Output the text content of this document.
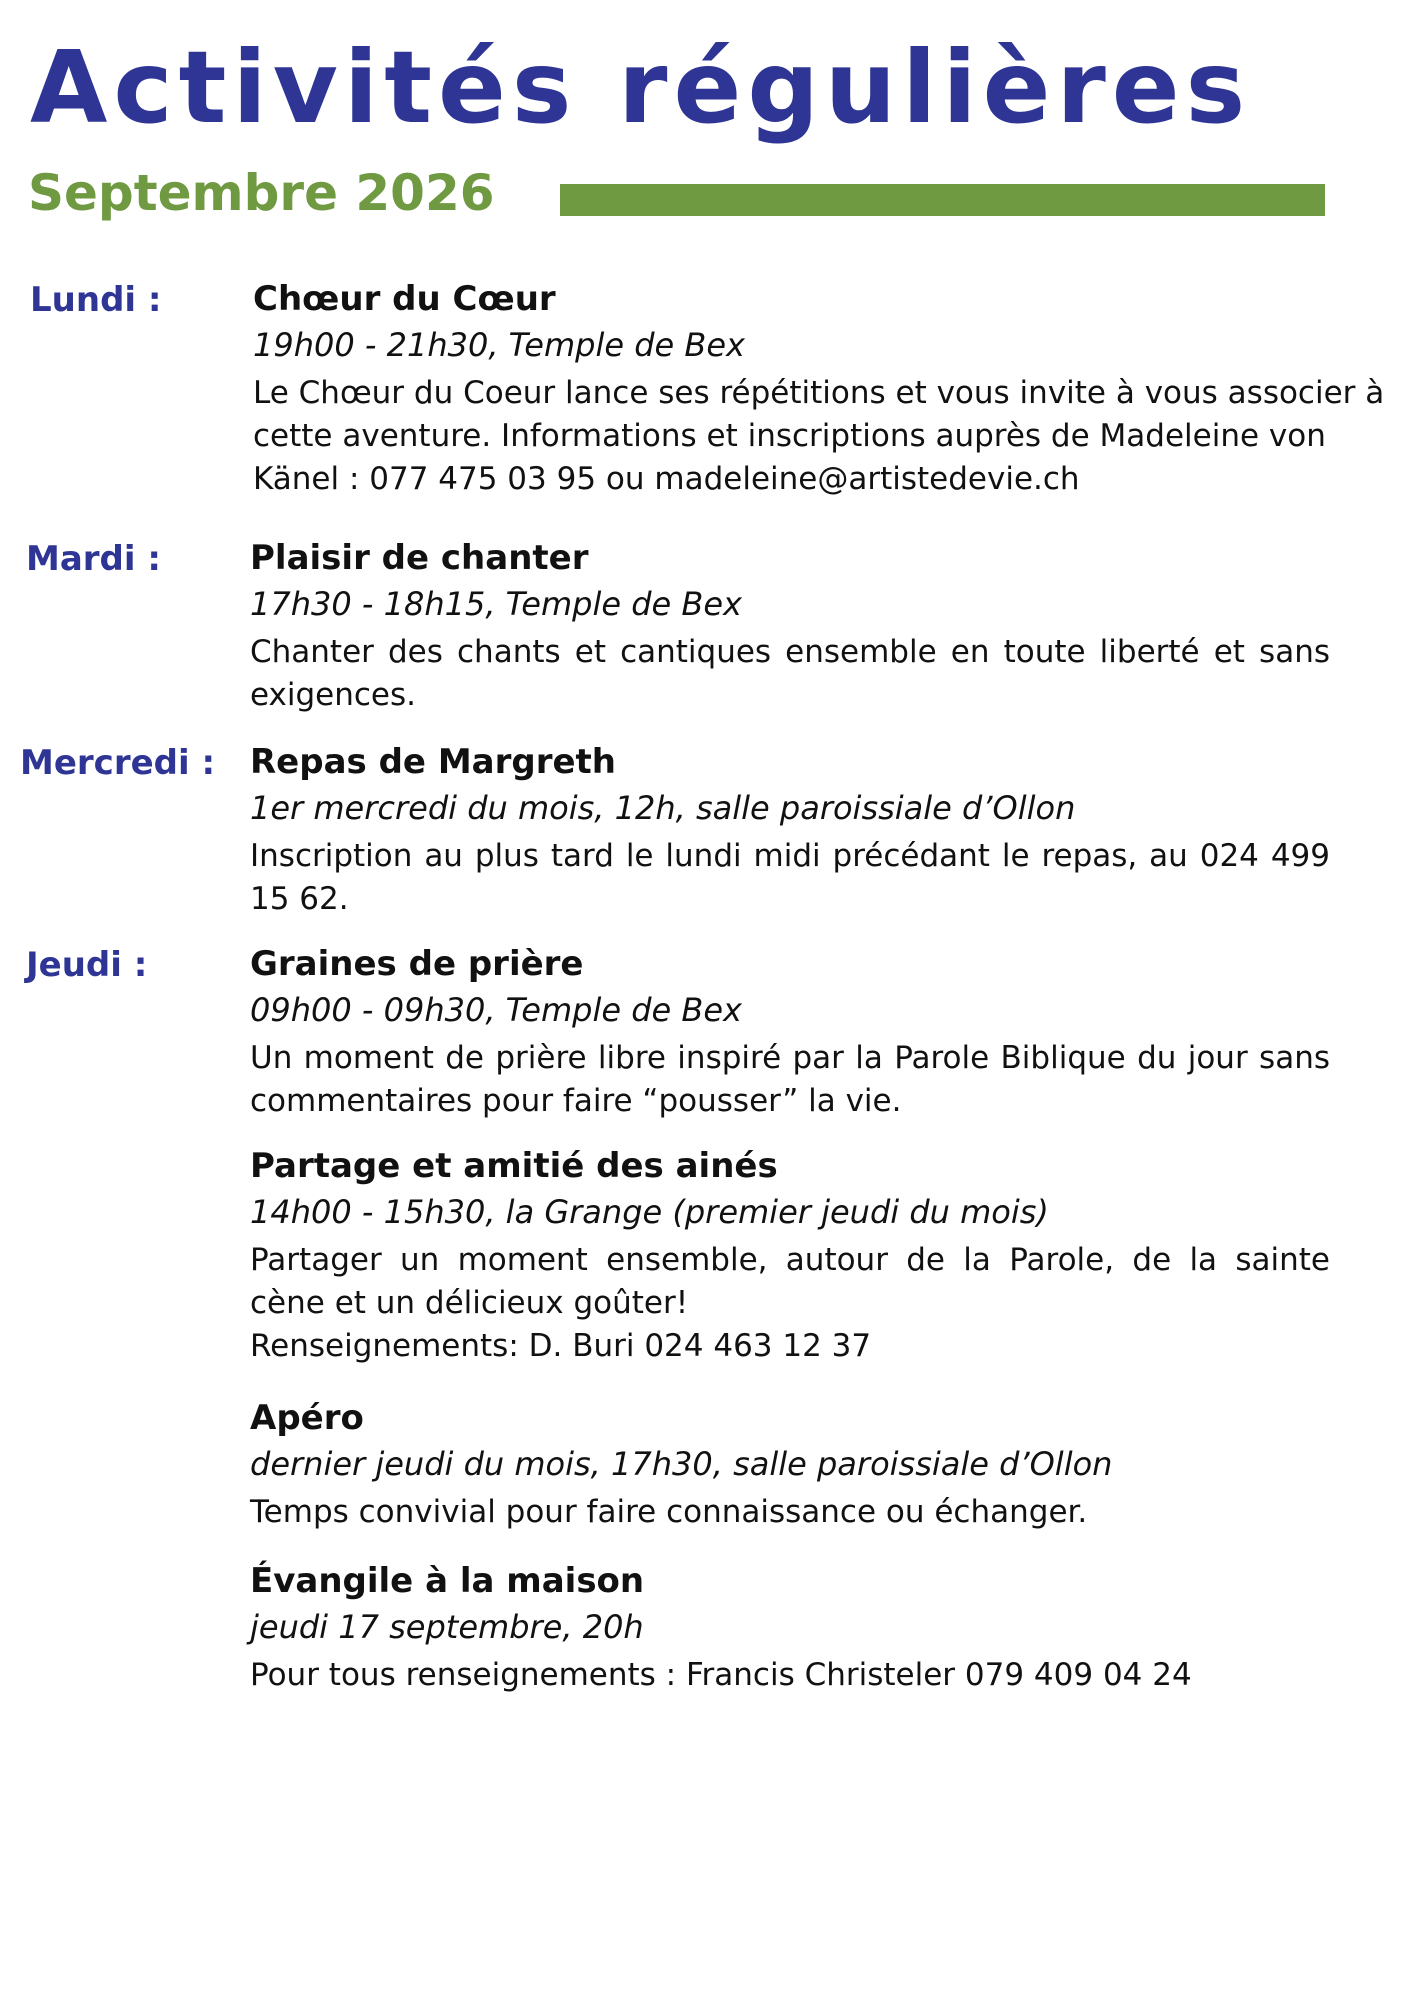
Activités régulières
Septembre 2026
Lundi :
Mardi :
Mercredi :
Jeudi :
Chœur du Cœur
19h00 - 21h30, Temple de Bex
Le Chœur du Coeur lance ses répétitions et vous invite à vous associer à cette aventure. Informations et inscriptions auprès de Madeleine von Känel : 077 475 03 95 ou madeleine@artistedevie.ch
Plaisir de chanter
17h30 - 18h15, Temple de Bex
Chanter des chants et cantiques ensemble en toute liberté et sans exigences.
Repas de Margreth
1er mercredi du mois, 12h, salle paroissiale d’Ollon
Inscription au plus tard le lundi midi précédant le repas, au 024 499 15 62.
Graines de prière
09h00 - 09h30, Temple de Bex
Un moment de prière libre inspiré par la Parole Biblique du jour sans commentaires pour faire “pousser” la vie.
Partage et amitié des ainés
14h00 - 15h30, la Grange (premier jeudi du mois)
Partager un moment ensemble, autour de la Parole, de la sainte cène et un délicieux goûter!
Renseignements: D. Buri 024 463 12 37
Apéro
dernier jeudi du mois, 17h30, salle paroissiale d’Ollon
Temps convivial pour faire connaissance ou échanger.
Évangile à la maison
jeudi 17 septembre, 20h
Pour tous renseignements : Francis Christeler 079 409 04 24
